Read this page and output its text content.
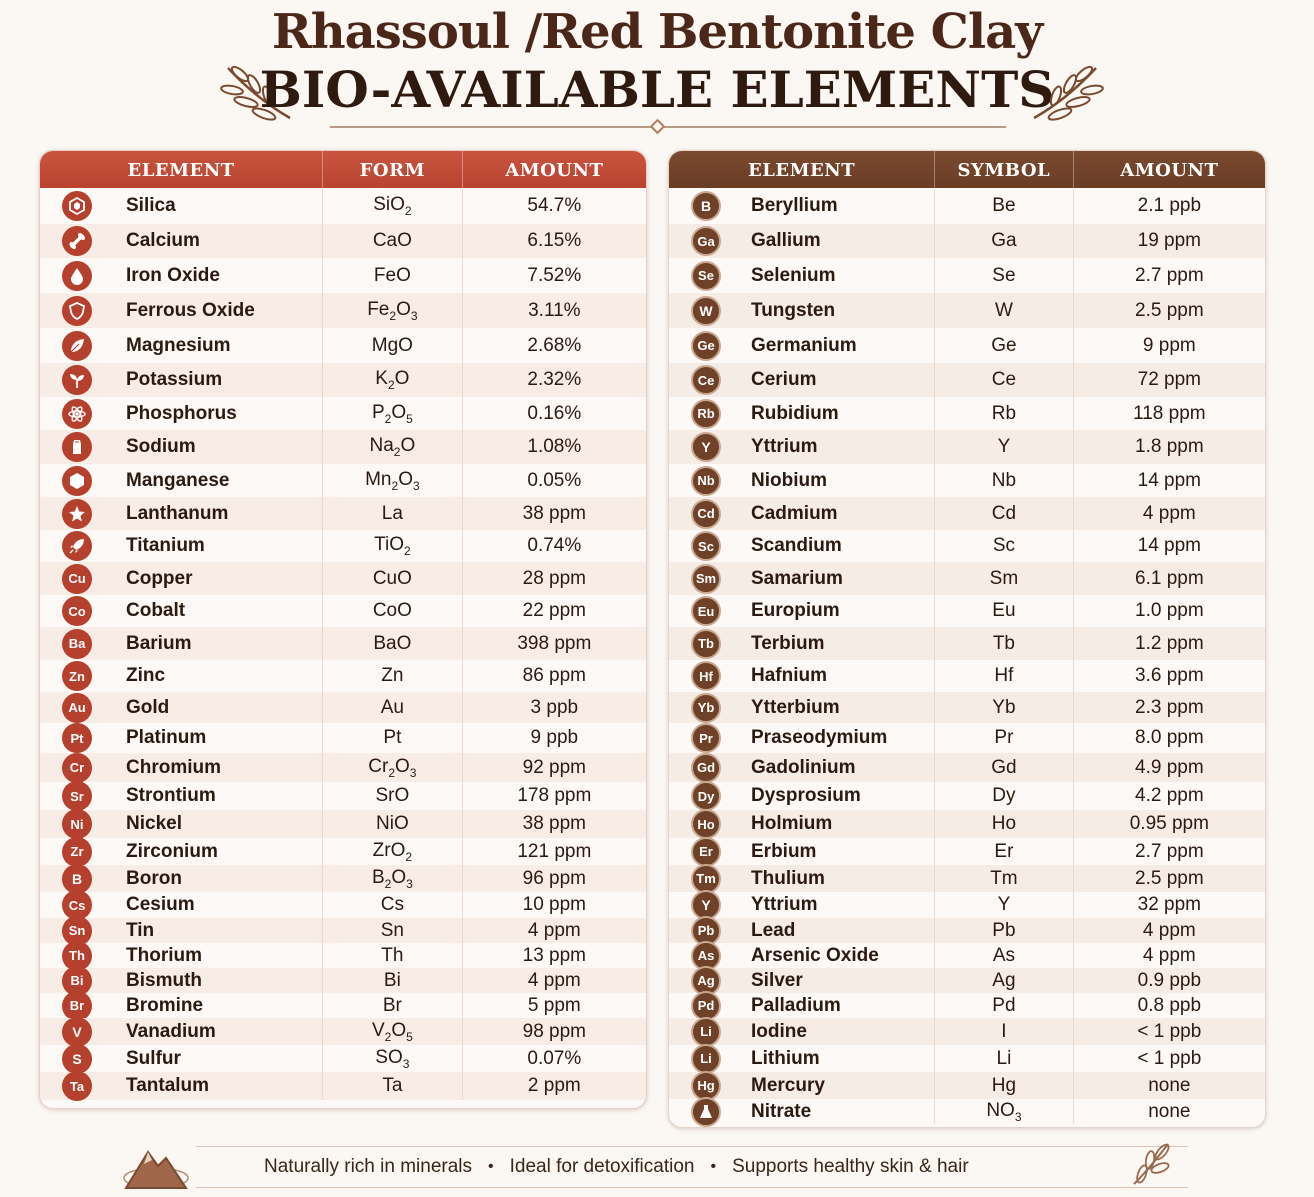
Rhassoul /Red Bentonite Clay
BIO-AVAILABLE ELEMENTS
ELEMENT	FORM	AMOUNT
Silica	SiO$_2$	54.7%
Calcium	CaO	6.15%
Iron Oxide	FeO	7.52%
Ferrous Oxide	$Fe_2O_3$	3.11%
Magnesium	MgO	2.68%
Potassium	$K_2O$	2.32%
Phosphorus	$P_2O_5$	0.16%
Sodium	$Na_2O$	1.08%
Manganese	$Mn_2O_3$	0.05%
Lanthanum	La	38 ppm
Titanium	TiO$_2$	0.74%
Cu	Copper	CuO	28 ppm
Co	Cobalt	CoO	22 ppm
Ba	Barium	BaO	398 ppm
Zn	Zinc	Zn	86 ppm
Au	Gold	Au	3 ppb
Pt	Platinum	Pt	9 ppb
Cr	Chromium	$Cr_2O_3$	92 ppm
Sr	Strontium	SrO	178 ppm
Ni	Nickel	NiO	38 ppm
Zr	Zirconium	ZrO$_2$	121 ppm
B	Boron	$B_2O_3$	96 ppm
Cs	Cesium	Cs	10 ppm
Sn	Tin	Sn	4 ppm
Th	Thorium	Th	13 ppm
Bi	Bismuth	Bi	4 ppm
Br	Bromine	Br	5 ppm
V	Vanadium	$V_2O_5$	98 ppm
S	Sulfur	$SO_3$	0.07%
Ta	Tantalum	Ta	2 ppm
ELEMENT	SYMBOL	AMOUNT
B	Beryllium	Be	2.1 ppb
Ga	Gallium	Ga	19 ppm
Se	Selenium	Se	2.7 ppm
W	Tungsten	W	2.5 ppm
Ge	Germanium	Ge	9 ppm
Ce	Cerium	Ce	72 ppm
Rb	Rubidium	Rb	118 ppm
Y	Yttrium	Y	1.8 ppm
Nb	Niobium	Nb	14 ppm
Cd	Cadmium	Cd	4 ppm
Sc	Scandium	Sc	14 ppm
Sm Samarium	Sm	6.1 ppm
Eu	Europium	Eu	1.0 ppm
Tb	Terbium	Tb	1.2 ppm
Hf	Hafnium	Hf	3.6 ppm
Yb	Ytterbium	Yb	2.3 ppm
Pr	Praseodymium	Pr	8.0 ppm
Gd	Gadolinium	Gd	4.9 ppm
Dy	Dysprosium	Dy	4.2 ppm
Ho	Holmium	Ho	0.95 ppm
Er	Erbium	Er	2.7 ppm
Tm Thulium	Tm	2.5 ppm
Y	Yttrium	Y	32 ppm
Pb	Lead	Pb	4 ppm
As	Arsenic Oxide	As	4 ppm
Ag	Silver	Ag	0.9 ppb
Pd	Palladium	Pd	0.8 ppb
Li	Iodine	I	< 1 ppb
Li	Lithium	Li	< 1 ppb
Hg	Mercury	Hg	none
Nitrate	$NO_3$	none
Naturally rich in minerals • Ideal for detoxification • Supports healthy skin & hair
